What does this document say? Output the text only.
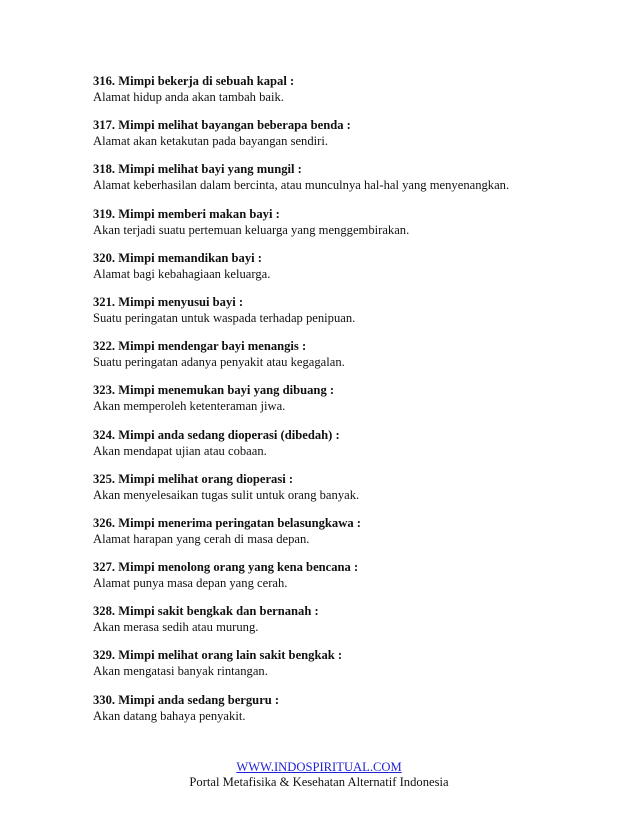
316. Mimpi bekerja di sebuah kapal :
Alamat hidup anda akan tambah baik.
317. Mimpi melihat bayangan beberapa benda :
Alamat akan ketakutan pada bayangan sendiri.
318. Mimpi melihat bayi yang mungil :
Alamat keberhasilan dalam bercinta, atau munculnya hal-hal yang menyenangkan.
319. Mimpi memberi makan bayi :
Akan terjadi suatu pertemuan keluarga yang menggembirakan.
320. Mimpi memandikan bayi :
Alamat bagi kebahagiaan keluarga.
321. Mimpi menyusui bayi :
Suatu peringatan untuk waspada terhadap penipuan.
322. Mimpi mendengar bayi menangis :
Suatu peringatan adanya penyakit atau kegagalan.
323. Mimpi menemukan bayi yang dibuang :
Akan memperoleh ketenteraman jiwa.
324. Mimpi anda sedang dioperasi (dibedah) :
Akan mendapat ujian atau cobaan.
325. Mimpi melihat orang dioperasi :
Akan menyelesaikan tugas sulit untuk orang banyak.
326. Mimpi menerima peringatan belasungkawa :
Alamat harapan yang cerah di masa depan.
327. Mimpi menolong orang yang kena bencana :
Alamat punya masa depan yang cerah.
328. Mimpi sakit bengkak dan bernanah :
Akan merasa sedih atau murung.
329. Mimpi melihat orang lain sakit bengkak :
Akan mengatasi banyak rintangan.
330. Mimpi anda sedang berguru :
Akan datang bahaya penyakit.
WWW.INDOSPIRITUAL.COM
Portal Metafisika & Kesehatan Alternatif Indonesia
